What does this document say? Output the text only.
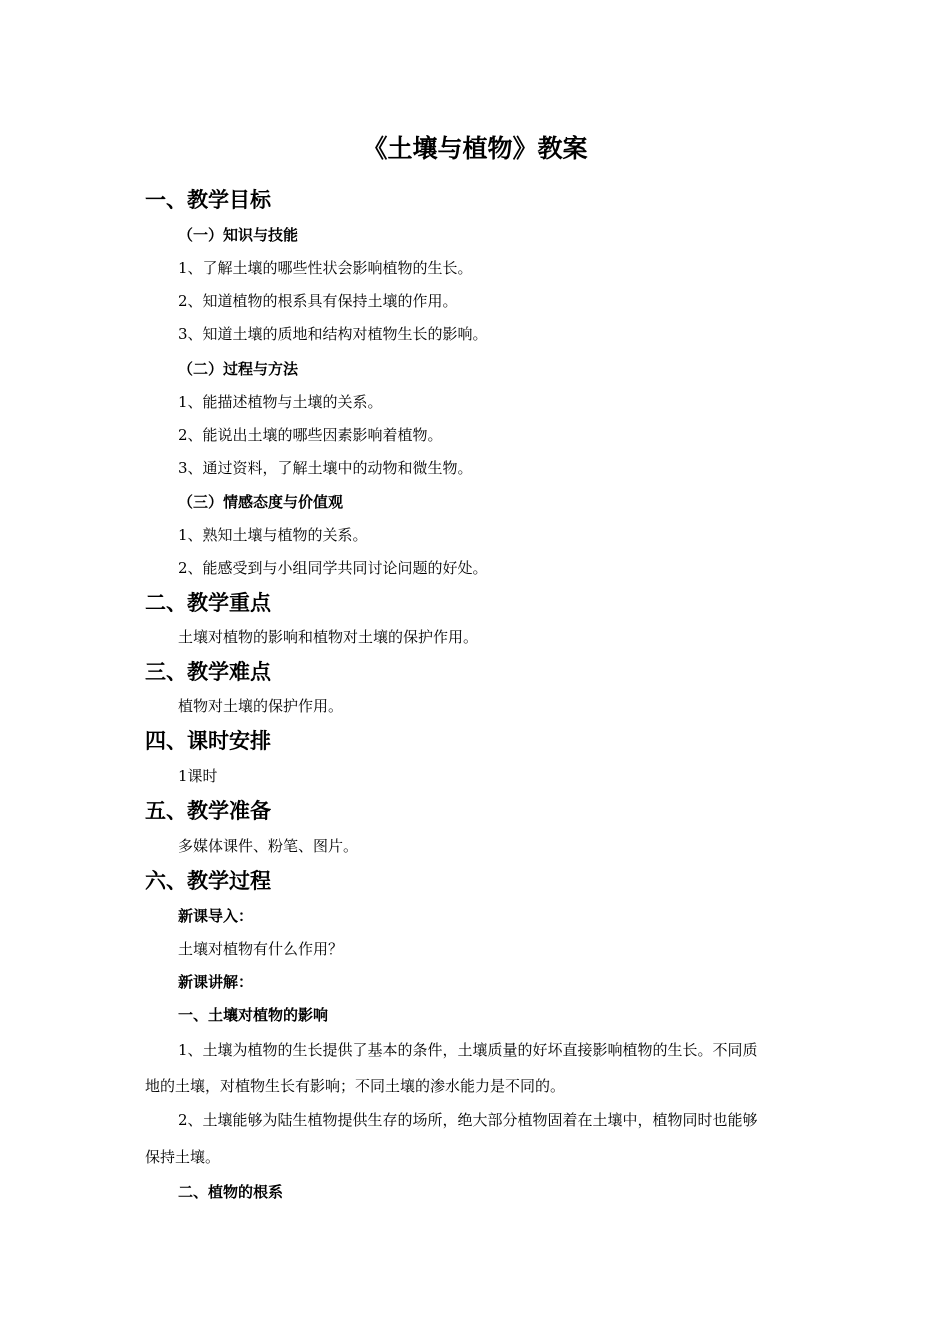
《土壤与植物》教案
一、教学目标
（一）知识与技能
1、了解土壤的哪些性状会影响植物的生长。
2、知道植物的根系具有保持土壤的作用。
3、知道土壤的质地和结构对植物生长的影响。
（二）过程与方法
1、能描述植物与土壤的关系。
2、能说出土壤的哪些因素影响着植物。
3、通过资料，了解土壤中的动物和微生物。
（三）情感态度与价值观
1、熟知土壤与植物的关系。
2、能感受到与小组同学共同讨论问题的好处。
二、教学重点
土壤对植物的影响和植物对土壤的保护作用。
三、教学难点
植物对土壤的保护作用。
四、课时安排
1课时
五、教学准备
多媒体课件、粉笔、图片。
六、教学过程
新课导入：
土壤对植物有什么作用？
新课讲解：
一、土壤对植物的影响
1、土壤为植物的生长提供了基本的条件，土壤质量的好坏直接影响植物的生长。不同质
地的土壤，对植物生长有影响；不同土壤的渗水能力是不同的。
2、土壤能够为陆生植物提供生存的场所，绝大部分植物固着在土壤中，植物同时也能够
保持土壤。
二、植物的根系
